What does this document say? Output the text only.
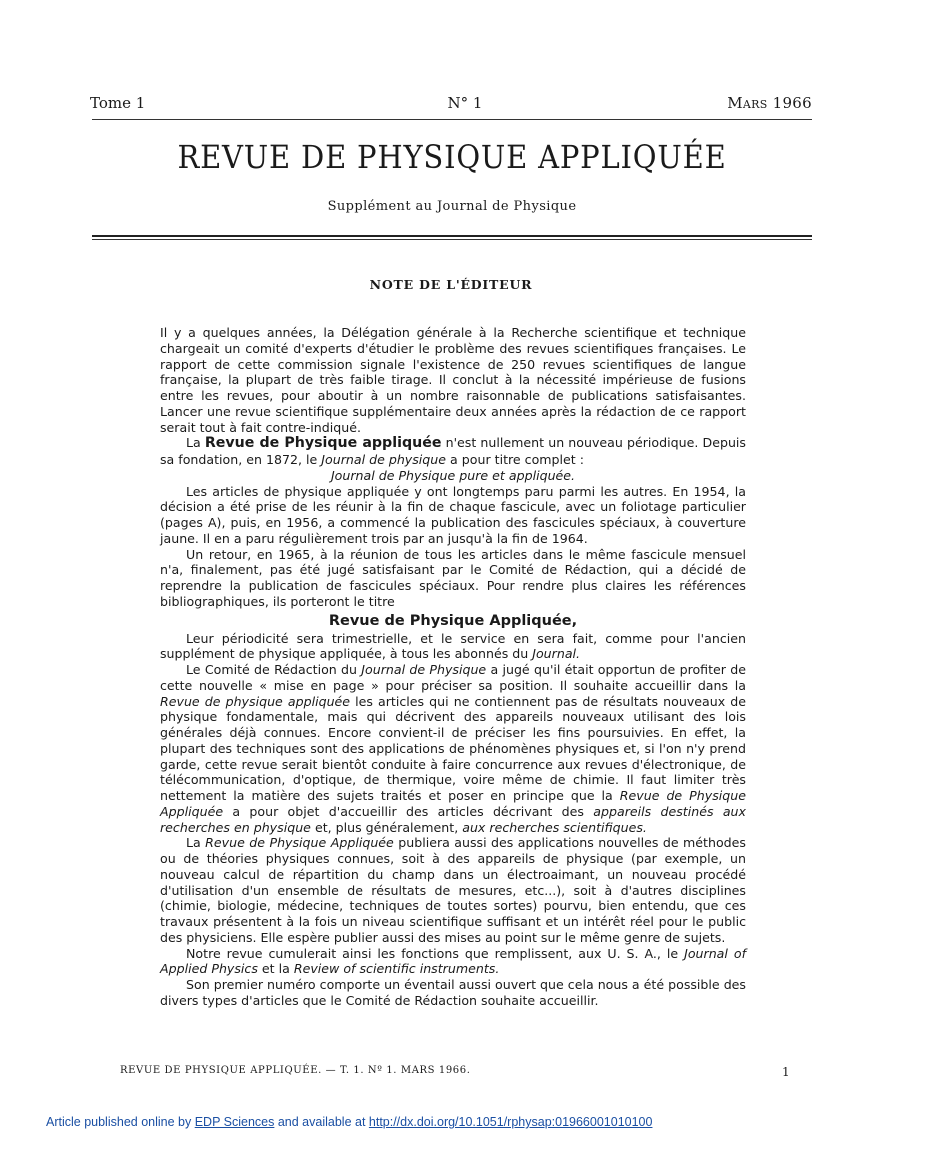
Tome 1	N° 1	Mars 1966
REVUE DE PHYSIQUE APPLIQUÉE
Supplément au Journal de Physique
NOTE DE L'ÉDITEUR

Il y a quelques années, la Délégation générale à la Recherche scientifique et technique chargeait un comité d'experts d'étudier le problème des revues scientifiques françaises. Le rapport de cette commission signale l'existence de 250 revues scientifiques de langue française, la plupart de très faible tirage. Il conclut à la nécessité impérieuse de fusions entre les revues, pour aboutir à un nombre raisonnable de publications satisfaisantes. Lancer une revue scientifique supplémentaire deux années après la rédaction de ce rapport serait tout à fait contre-indiqué.

La Revue de Physique appliquée n'est nullement un nouveau périodique. Depuis sa fondation, en 1872, le Journal de physique a pour titre complet :

Journal de Physique pure et appliquée.

Les articles de physique appliquée y ont longtemps paru parmi les autres. En 1954, la décision a été prise de les réunir à la fin de chaque fascicule, avec un foliotage particulier (pages A), puis, en 1956, a commencé la publication des fascicules spéciaux, à couverture jaune. Il en a paru régulièrement trois par an jusqu'à la fin de 1964.

Un retour, en 1965, à la réunion de tous les articles dans le même fascicule mensuel n'a, finalement, pas été jugé satisfaisant par le Comité de Rédaction, qui a décidé de reprendre la publication de fascicules spéciaux. Pour rendre plus claires les références bibliographiques, ils porteront le titre

Revue de Physique Appliquée,

Leur périodicité sera trimestrielle, et le service en sera fait, comme pour l'ancien supplément de physique appliquée, à tous les abonnés du Journal.

Le Comité de Rédaction du Journal de Physique a jugé qu'il était opportun de profiter de cette nouvelle « mise en page » pour préciser sa position. Il souhaite accueillir dans la Revue de physique appliquée les articles qui ne contiennent pas de résultats nouveaux de physique fondamentale, mais qui décrivent des appareils nouveaux utilisant des lois générales déjà connues. Encore convient-il de préciser les fins poursuivies. En effet, la plupart des techniques sont des applications de phénomènes physiques et, si l'on n'y prend garde, cette revue serait bientôt conduite à faire concurrence aux revues d'électronique, de télécommunication, d'optique, de thermique, voire même de chimie. Il faut limiter très nettement la matière des sujets traités et poser en principe que la Revue de Physique Appliquée a pour objet d'accueillir des articles décrivant des appareils destinés aux recherches en physique et, plus généralement, aux recherches scientifiques.

La Revue de Physique Appliquée publiera aussi des applications nouvelles de méthodes ou de théories physiques connues, soit à des appareils de physique (par exemple, un nouveau calcul de répartition du champ dans un électroaimant, un nouveau procédé d'utilisation d'un ensemble de résultats de mesures, etc...), soit à d'autres disciplines (chimie, biologie, médecine, techniques de toutes sortes) pourvu, bien entendu, que ces travaux présentent à la fois un niveau scientifique suffisant et un intérêt réel pour le public des physiciens. Elle espère publier aussi des mises au point sur le même genre de sujets.

Notre revue cumulerait ainsi les fonctions que remplissent, aux U. S. A., le Journal of Applied Physics et la Review of scientific instruments.

Son premier numéro comporte un éventail aussi ouvert que cela nous a été possible des divers types d'articles que le Comité de Rédaction souhaite accueillir.

REVUE DE PHYSIQUE APPLIQUÉE. — T. 1. Nº 1. MARS 1966.	1
Article published online by EDP Sciences and available at http://dx.doi.org/10.1051/rphysap:01966001010100
